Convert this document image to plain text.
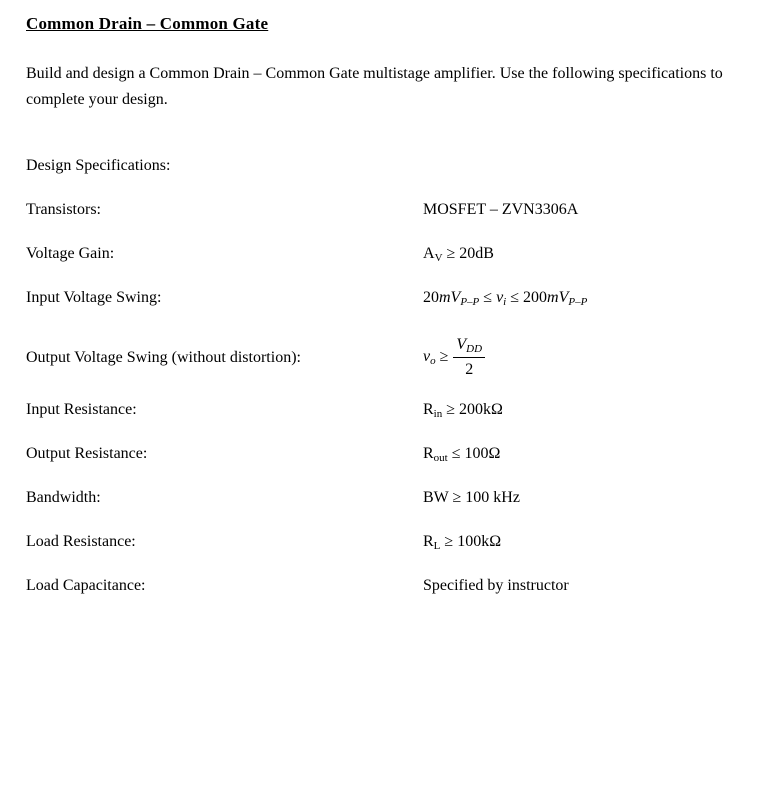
Common Drain – Common Gate

Build and design a Common Drain – Common Gate multistage amplifier. Use the following specifications to complete your design.

Design Specifications:
Transistors:	MOSFET – ZVN3306A
Voltage Gain:	$A_V \ge 20dB$
Input Voltage Swing:	$20mV_{P-P} \le v_i \le 200mV_{P-P}$
Output Voltage Swing (without distortion):	$v_o \ge \frac{V_{DD}}{2}$
Input Resistance:	$R_{in} \ge 200k\Omega$
Output Resistance:	$R_{out} \le 100\Omega$
Bandwidth:	BW ≥ 100 kHz
Load Resistance:	$R_L \ge 100k\Omega$
Load Capacitance:	Specified by instructor
